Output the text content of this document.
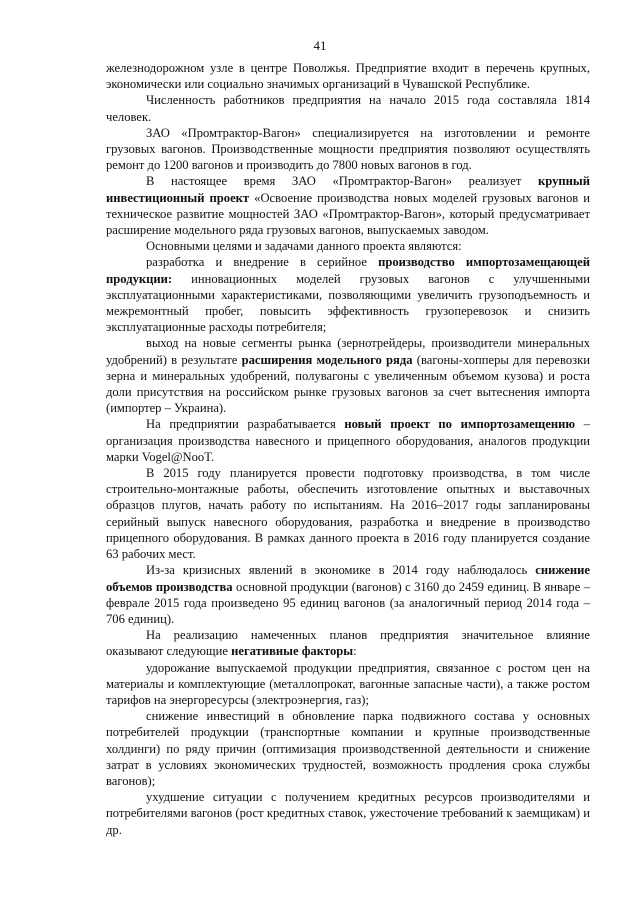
41

железнодорожном узле в центре Поволжья. Предприятие входит в перечень крупных, экономически или социально значимых организаций в Чувашской Республике.

Численность работников предприятия на начало 2015 года составляла 1814 человек.

ЗАО «Промтрактор-Вагон» специализируется на изготовлении и ремонте грузовых вагонов. Производственные мощности предприятия позволяют осуществлять ремонт до 1200 вагонов и производить до 7800 новых вагонов в год.

В настоящее время ЗАО «Промтрактор-Вагон» реализует крупный инвестиционный проект «Освоение производства новых моделей грузовых вагонов и техническое развитие мощностей ЗАО «Промтрактор-Вагон», который предусматривает расширение модельного ряда грузовых вагонов, выпускаемых заводом.

Основными целями и задачами данного проекта являются:

разработка и внедрение в серийное производство импортозамещающей продукции: инновационных моделей грузовых вагонов с улучшенными эксплуатационными характеристиками, позволяющими увеличить грузоподъемность и межремонтный пробег, повысить эффективность грузоперевозок и снизить эксплуатационные расходы потребителя;

выход на новые сегменты рынка (зернотрейдеры, производители минеральных удобрений) в результате расширения модельного ряда (вагоны-хопперы для перевозки зерна и минеральных удобрений, полувагоны с увеличенным объемом кузова) и роста доли присутствия на российском рынке грузовых вагонов за счет вытеснения импорта (импортер – Украина).

На предприятии разрабатывается новый проект по импортозамещению – организация производства навесного и прицепного оборудования, аналогов продукции марки Vogel@NooT.

В 2015 году планируется провести подготовку производства, в том числе строительно-монтажные работы, обеспечить изготовление опытных и выставочных образцов плугов, начать работу по испытаниям. На 2016–2017 годы запланированы серийный выпуск навесного оборудования, разработка и внедрение в производство прицепного оборудования. В рамках данного проекта в 2016 году планируется создание 63 рабочих мест.

Из-за кризисных явлений в экономике в 2014 году наблюдалось снижение объемов производства основной продукции (вагонов) с 3160 до 2459 единиц. В январе – феврале 2015 года произведено 95 единиц вагонов (за аналогичный период 2014 года – 706 единиц).

На реализацию намеченных планов предприятия значительное влияние оказывают следующие негативные факторы:

удорожание выпускаемой продукции предприятия, связанное с ростом цен на материалы и комплектующие (металлопрокат, вагонные запасные части), а также ростом тарифов на энергоресурсы (электроэнергия, газ);

снижение инвестиций в обновление парка подвижного состава у основных потребителей продукции (транспортные компании и крупные производственные холдинги) по ряду причин (оптимизация производственной деятельности и снижение затрат в условиях экономических трудностей, возможность продления срока службы вагонов);

ухудшение ситуации с получением кредитных ресурсов производителями и потребителями вагонов (рост кредитных ставок, ужесточение требований к заемщикам) и др.
